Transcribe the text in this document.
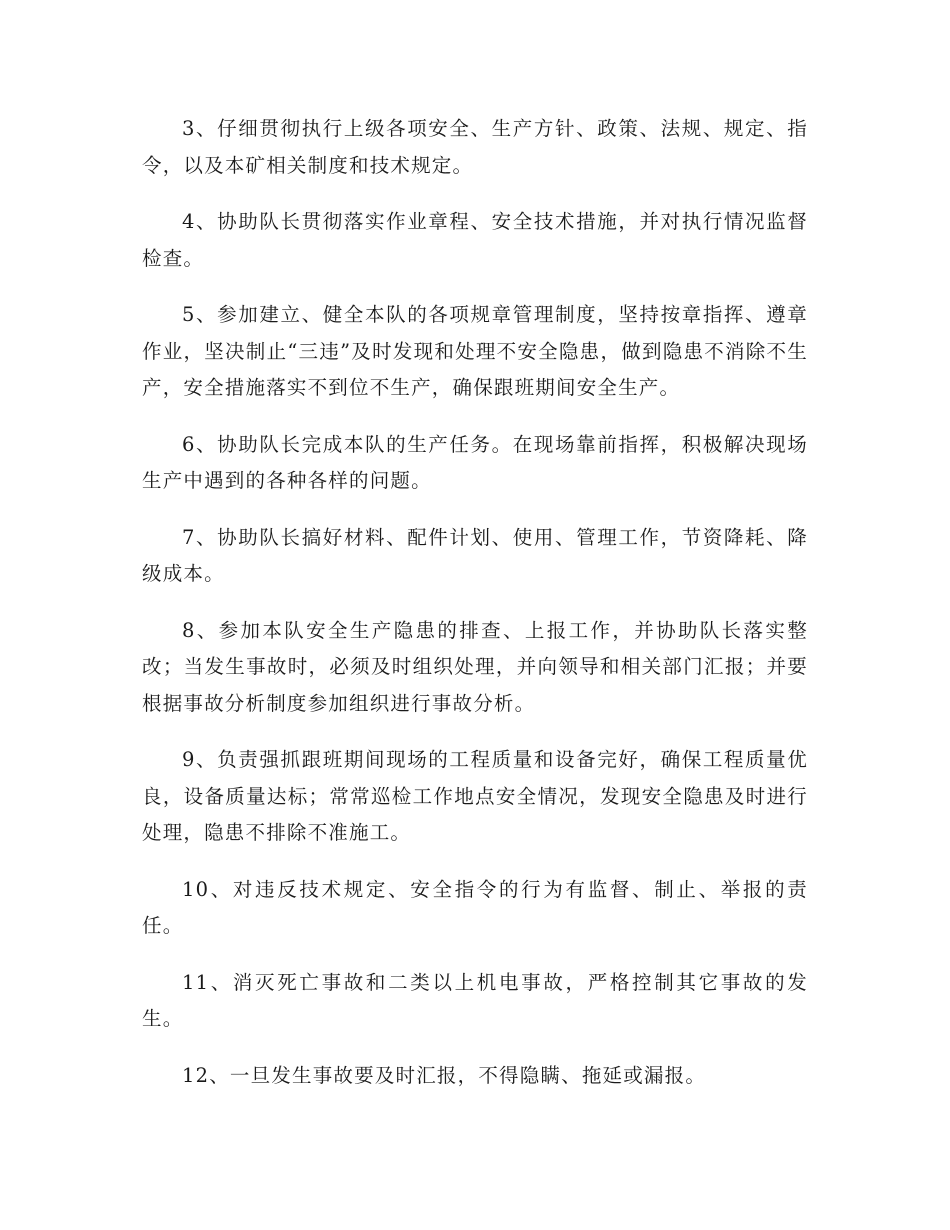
3、仔细贯彻执行上级各项安全、生产方针、政策、法规、规定、指令，以及本矿相关制度和技术规定。

4、协助队长贯彻落实作业章程、安全技术措施，并对执行情况监督检查。

5、参加建立、健全本队的各项规章管理制度，坚持按章指挥、遵章作业，坚决制止“三违”及时发现和处理不安全隐患，做到隐患不消除不生产，安全措施落实不到位不生产，确保跟班期间安全生产。

6、协助队长完成本队的生产任务。在现场靠前指挥，积极解决现场生产中遇到的各种各样的问题。

7、协助队长搞好材料、配件计划、使用、管理工作，节资降耗、降级成本。

8、参加本队安全生产隐患的排查、上报工作，并协助队长落实整改；当发生事故时，必须及时组织处理，并向领导和相关部门汇报；并要根据事故分析制度参加组织进行事故分析。

9、负责强抓跟班期间现场的工程质量和设备完好，确保工程质量优良，设备质量达标；常常巡检工作地点安全情况，发现安全隐患及时进行处理，隐患不排除不准施工。

10、对违反技术规定、安全指令的行为有监督、制止、举报的责任。

11、消灭死亡事故和二类以上机电事故，严格控制其它事故的发生。

12、一旦发生事故要及时汇报，不得隐瞒、拖延或漏报。
